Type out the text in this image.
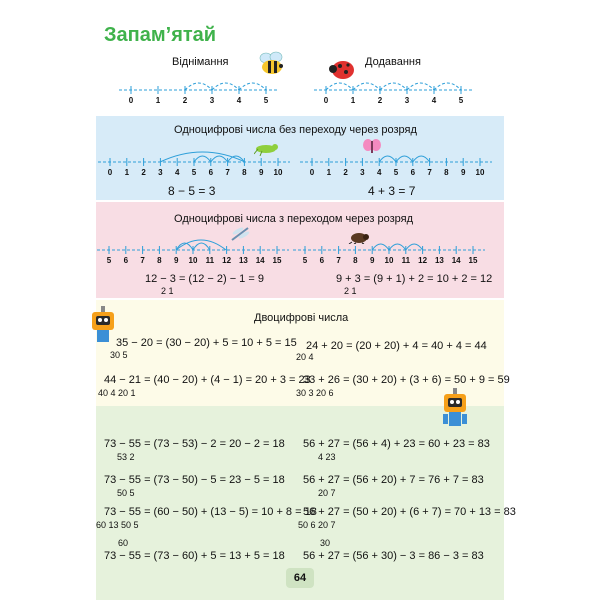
Запам’ятай
Віднімання	Додавання
0	1	2	3	4	5	0	1	2	3	4	5
0	1	2	3	4	5	6	7	8	9	10	0	1	2	3	4	5	6	7	8	9	10
5	6	7	8	9	10	11	12 13 14 15	5	6	7	8	9	10	11	12 13 14 15
Одноцифрові числа без переходу через розряд
8 − 5 = 3	4 + 3 = 7
Одноцифрові числа з переходом через розряд
12 − 3 = (12 − 2) − 1 = 9
2 1
9 + 3 = (9 + 1) + 2 = 10 + 2 = 12
2 1
Двоцифрові числа
35 − 20 = (30 − 20) + 5 = 10 + 5 = 15
30 5
24 + 20 = (20 + 20) + 4 = 40 + 4 = 44
20 4
44 − 21 = (40 − 20) + (4 − 1) = 20 + 3 = 23
40 4 20 1
33 + 26 = (30 + 20) + (3 + 6) = 50 + 9 = 59
30 3 20 6
73 − 55 = (73 − 53) − 2 = 20 − 2 = 18
53 2
56 + 27 = (56 + 4) + 23 = 60 + 23 = 83
4 23
73 − 55 = (73 − 50) − 5 = 23 − 5 = 18
50 5
56 + 27 = (56 + 20) + 7 = 76 + 7 = 83
20 7
73 − 55 = (60 − 50) + (13 − 5) = 10 + 8 = 18
60 13 50 5
56 + 27 = (50 + 20) + (6 + 7) = 70 + 13 = 83
50 6 20 7
60
73 − 55 = (73 − 60) + 5 = 13 + 5 = 18
30
56 + 27 = (56 + 30) − 3 = 86 − 3 = 83
64
